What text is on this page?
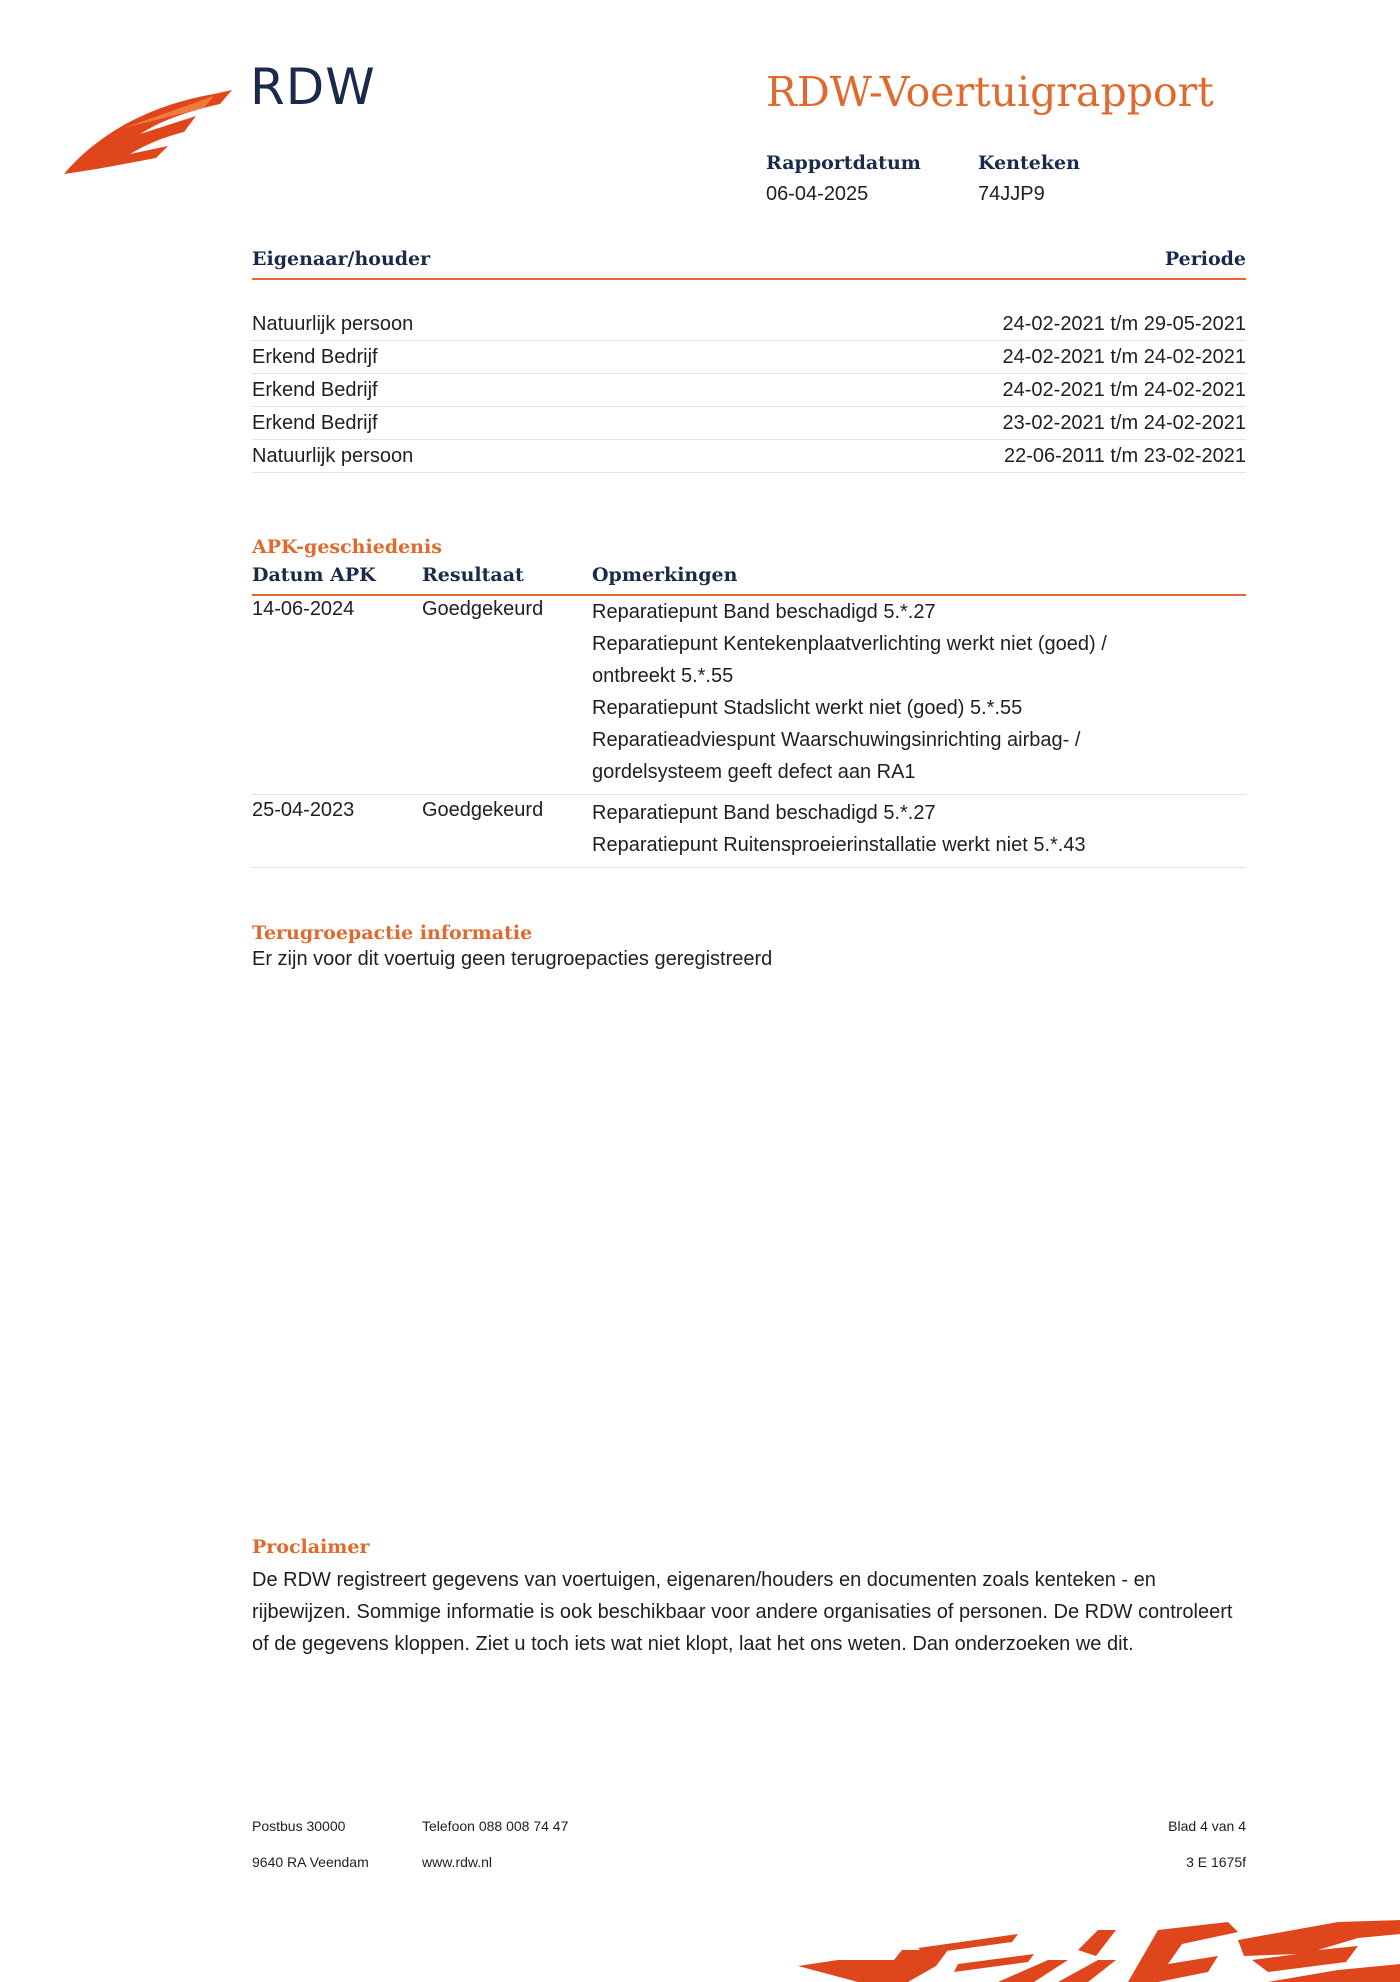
RDW	RDW-Voertuigrapport
Rapportdatum
06-04-2025
Kenteken
74JJP9
Eigenaar/houder	Periode
Natuurlijk persoon	24-02-2021 t/m 29-05-2021
Erkend Bedrijf	24-02-2021 t/m 24-02-2021
Erkend Bedrijf	24-02-2021 t/m 24-02-2021
Erkend Bedrijf	23-02-2021 t/m 24-02-2021
Natuurlijk persoon	22-06-2011 t/m 23-02-2021
APK-geschiedenis
Datum APK Resultaat	Opmerkingen
14-06-2024	Goedgekeurd Reparatiepunt Band beschadigd 5.*.27
Reparatiepunt Kentekenplaatverlichting werkt niet (goed) / ontbreekt 5.*.55
Reparatiepunt Stadslicht werkt niet (goed) 5.*.55
Reparatieadviespunt Waarschuwingsinrichting airbag- / gordelsysteem geeft defect aan RA1
25-04-2023	Goedgekeurd Reparatiepunt Band beschadigd 5.*.27
Reparatiepunt Ruitensproeierinstallatie werkt niet 5.*.43
Terugroepactie informatie
Er zijn voor dit voertuig geen terugroepacties geregistreerd
Proclaimer
De RDW registreert gegevens van voertuigen, eigenaren/houders en documenten zoals kenteken - en rijbewijzen. Sommige informatie is ook beschikbaar voor andere organisaties of personen. De RDW controleert of de gegevens kloppen. Ziet u toch iets wat niet klopt, laat het ons weten. Dan onderzoeken we dit.
Postbus 30000
9640 RA Veendam
Telefoon 088 008 74 47
www.rdw.nl
Blad 4 van 4
3 E 1675f
